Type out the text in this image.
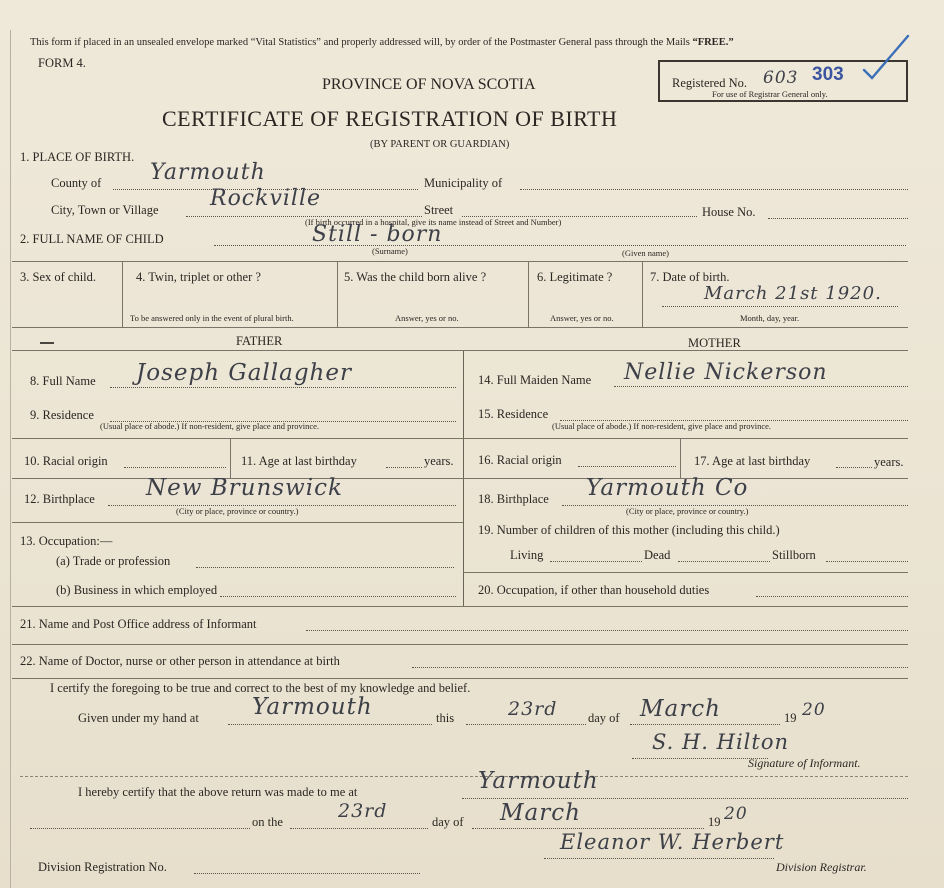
This form if placed in an unsealed envelope marked “Vital Statistics” and properly addressed will, by order of the Postmaster General pass through the Mails “FREE.”
FORM 4.
Registered No. 603 303
For use of Registrar General only.
PROVINCE OF NOVA SCOTIA
CERTIFICATE OF REGISTRATION OF BIRTH
(BY PARENT OR GUARDIAN)
1. PLACE OF BIRTH.
County of Yarmouth	Municipality of
City, Town or Village Rockville	Street	House No.
(If birth occurred in a hospital, give its name instead of Street and Number)
2. FULL NAME OF CHILD	Still - born
(Surname)	(Given name)
3. Sex of child.	4. Twin, triplet or other ?
To be answered only in the event of plural birth.
5. Was the child born alive ?
Answer, yes or no.
6. Legitimate ?
Answer, yes or no.
7. Date of birth.
March 21st 1920.
Month, day, year.
FATHER	MOTHER
8. Full Name Joseph Gallagher
9. Residence
(Usual place of abode.) If non-resident, give place and province.
10. Racial origin	11. Age at last birthday	years.
12. Birthplace New Brunswick
(City or place, province or country.)
13. Occupation:—
(a) Trade or profession
(b) Business in which employed
14. Full Maiden Name Nellie Nickerson
15. Residence
(Usual place of abode.) If non-resident, give place and province.
16. Racial origin	17. Age at last birthday	years.
18. Birthplace Yarmouth Co
(City or place, province or country.)
19. Number of children of this mother (including this child.)
Living	Dead	Stillborn
20. Occupation, if other than household duties
21. Name and Post Office address of Informant
22. Name of Doctor, nurse or other person in attendance at birth
I certify the foregoing to be true and correct to the best of my knowledge and belief.
Given under my hand at Yarmouth	this	23rd day of March	19 20
S. H. Hilton
Signature of Informant.
I hereby certify that the above return was made to me at	Yarmouth
on the	23rd	day of March	19 20
Eleanor W. Herbert
Division Registrar.
Division Registration No.
